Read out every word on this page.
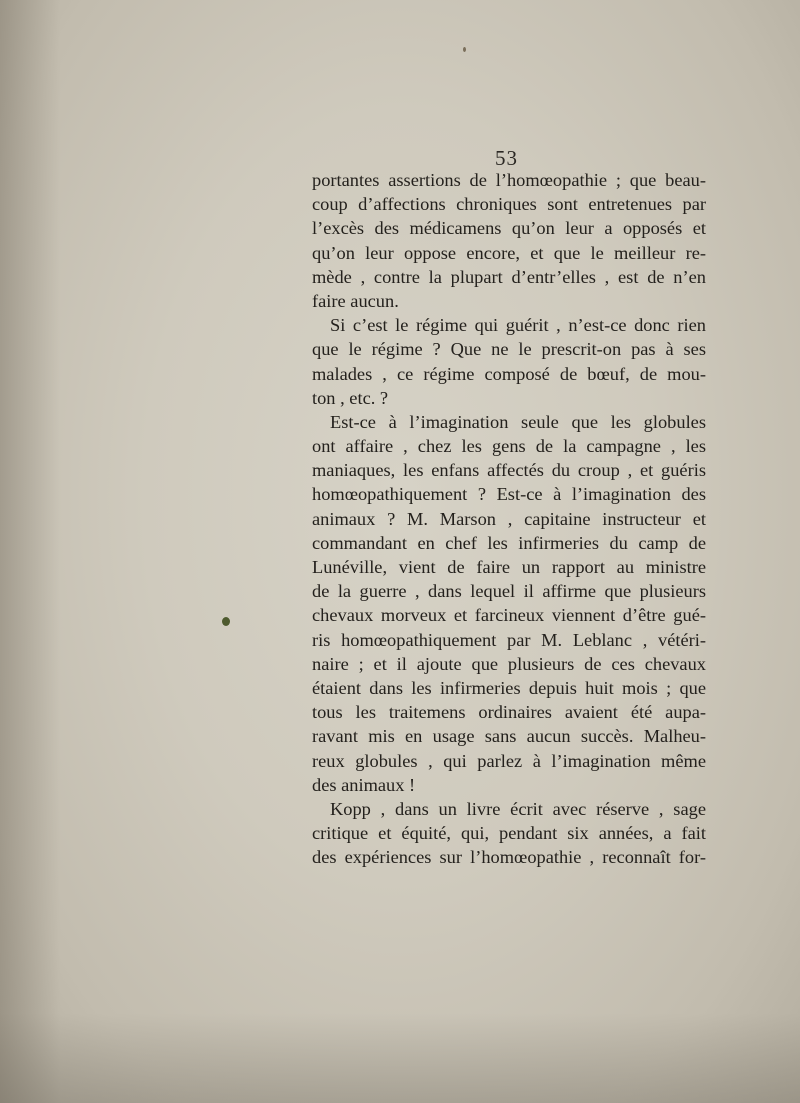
53
portantes assertions de l’homœopathie ; que beau-
coup d’affections chroniques sont entretenues par
l’excès des médicamens qu’on leur a opposés et
qu’on leur oppose encore, et que le meilleur re-
mède , contre la plupart d’entr’elles , est de n’en
faire aucun.
Si c’est le régime qui guérit , n’est-ce donc rien
que le régime ? Que ne le prescrit-on pas à ses
malades , ce régime composé de bœuf, de mou-
ton , etc. ?
Est-ce à l’imagination seule que les globules
ont affaire , chez les gens de la campagne , les
maniaques, les enfans affectés du croup , et guéris
homœopathiquement ? Est-ce à l’imagination des
animaux ? M. Marson , capitaine instructeur et
commandant en chef les infirmeries du camp de
Lunéville, vient de faire un rapport au ministre
de la guerre , dans lequel il affirme que plusieurs
chevaux morveux et farcineux viennent d’être gué-
ris homœopathiquement par M. Leblanc , vétéri-
naire ; et il ajoute que plusieurs de ces chevaux
étaient dans les infirmeries depuis huit mois ; que
tous les traitemens ordinaires avaient été aupa-
ravant mis en usage sans aucun succès. Malheu-
reux globules , qui parlez à l’imagination même
des animaux !
Kopp , dans un livre écrit avec réserve , sage
critique et équité, qui, pendant six années, a fait
des expériences sur l’homœopathie , reconnaît for-
